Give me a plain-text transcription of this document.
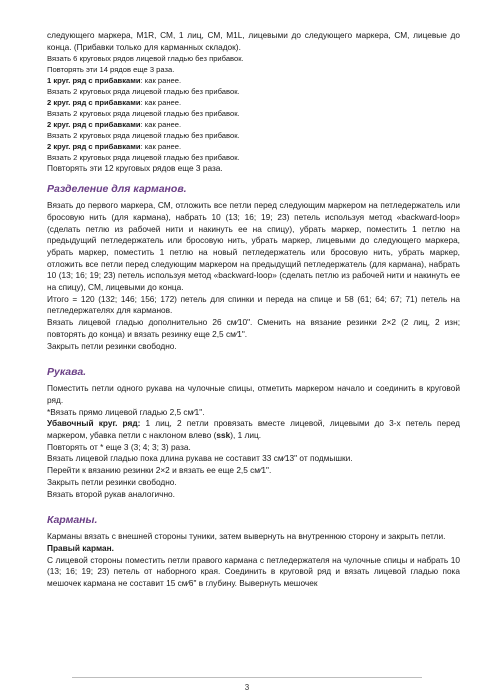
следующего маркера, M1R, СМ, 1 лиц, СМ, M1L, лицевыми до следующего маркера, СМ, лицевые до конца. (Прибавки только для карманных складок).

Вязать 6 круговых рядов лицевой гладью без прибавок.

Повторять эти 14 рядов еще 3 раза.

1 круг. ряд с прибавками: как ранее.

Вязать 2 круговых ряда лицевой гладью без прибавок.

2 круг. ряд с прибавками: как ранее.

Вязать 2 круговых ряда лицевой гладью без прибавок.

2 круг. ряд с прибавками: как ранее.

Вязать 2 круговых ряда лицевой гладью без прибавок.

2 круг. ряд с прибавками: как ранее.

Вязать 2 круговых ряда лицевой гладью без прибавок.

Повторять эти 12 круговых рядов еще 3 раза.

Разделение для карманов.

Вязать до первого маркера, СМ, отложить все петли перед следующим маркером на петледержатель или бросовую нить (для кармана), набрать 10 (13; 16; 19; 23) петель используя метод «backward-loop» (сделать петлю из рабочей нити и накинуть ее на спицу), убрать маркер, поместить 1 петлю на предыдущий петледержатель или бросовую нить, убрать маркер, лицевыми до следующего маркера, убрать маркер, поместить 1 петлю на новый петледержатель или бросовую нить, убрать маркер, отложить все петли перед следующим маркером на предыдущий петледержатель (для кармана), набрать 10 (13; 16; 19; 23) петель используя метод «backward-loop» (сделать петлю из рабочей нити и накинуть ее на спицу), СМ, лицевыми до конца.

Итого = 120 (132; 146; 156; 172) петель для спинки и переда на спице и 58 (61; 64; 67; 71) петель на петледержателях для карманов.

Вязать лицевой гладью дополнительно 26 см∕10". Сменить на вязание резинки 2×2 (2 лиц, 2 изн; повторять до конца) и вязать резинку еще 2,5 см∕1".

Закрыть петли резинки свободно.

Рукава.

Поместить петли одного рукава на чулочные спицы, отметить маркером начало и соединить в круговой ряд.

*Вязать прямо лицевой гладью 2,5 см∕1".

Убавочный круг. ряд: 1 лиц, 2 петли провязать вместе лицевой, лицевыми до 3-х петель перед маркером, убавка петли с наклоном влево (ssk), 1 лиц.

Повторять от * еще 3 (3; 4; 3; 3) раза.

Вязать лицевой гладью пока длина рукава не составит 33 см∕13" от подмышки.

Перейти к вязанию резинки 2×2 и вязать ее еще 2,5 см∕1".

Закрыть петли резинки свободно.

Вязать второй рукав аналогично.

Карманы.

Карманы вязать с внешней стороны туники, затем вывернуть на внутреннюю сторону и закрыть петли.

Правый карман.

С лицевой стороны поместить петли правого кармана с петледержателя на чулочные спицы и набрать 10 (13; 16; 19; 23) петель от наборного края. Соединить в круговой ряд и вязать лицевой гладью пока мешочек кармана не составит 15 см∕6" в глубину. Вывернуть мешочек

3
